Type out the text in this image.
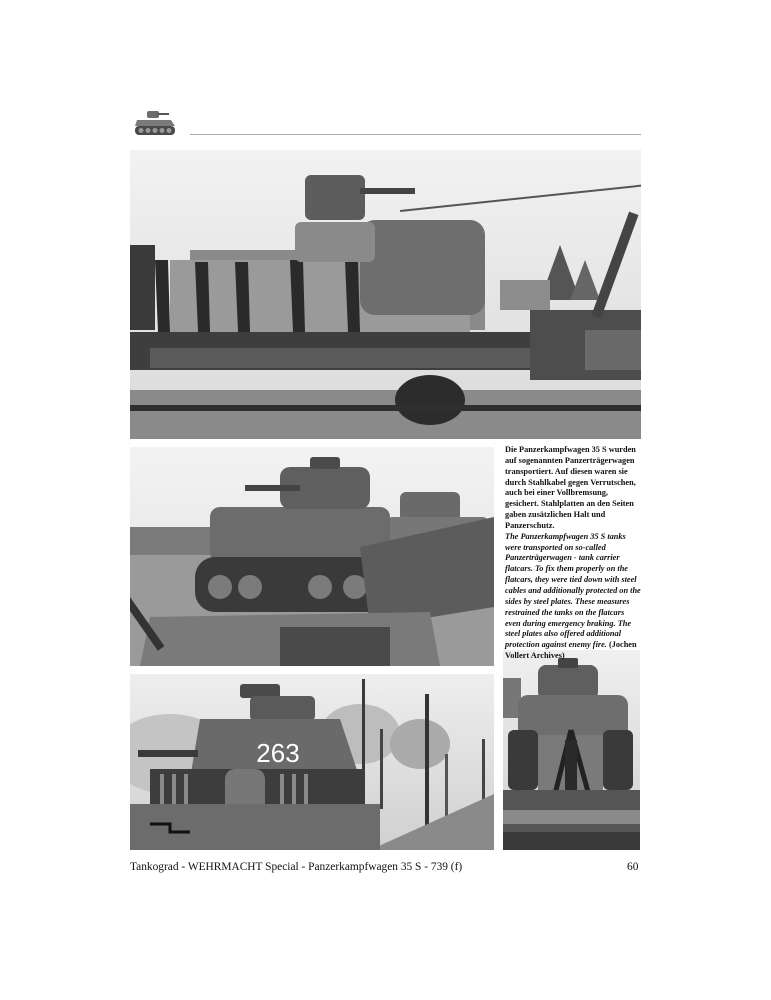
263

Die Panzerkampfwagen 35 S wurden auf sogenannten Panzerträgerwagen transportiert. Auf diesen waren sie durch Stahlkabel gegen Verrutschen, auch bei einer Vollbremsung, gesichert. Stahlplatten an den Seiten gaben zusätzlichen Halt und Panzerschutz.

The Panzerkampfwagen 35 S tanks were transported on so-called Panzerträgerwagen - tank carrier flatcars. To fix them properly on the flatcars, they were tied down with steel cables and additionally protected on the sides by steel plates. These measures restrained the tanks on the flatcars even during emergency braking. The steel plates also offered additional protection against enemy fire. (Jochen Vollert Archives)

Tankograd - WEHRMACHT Special - Panzerkampfwagen 35 S - 739 (f)	60
